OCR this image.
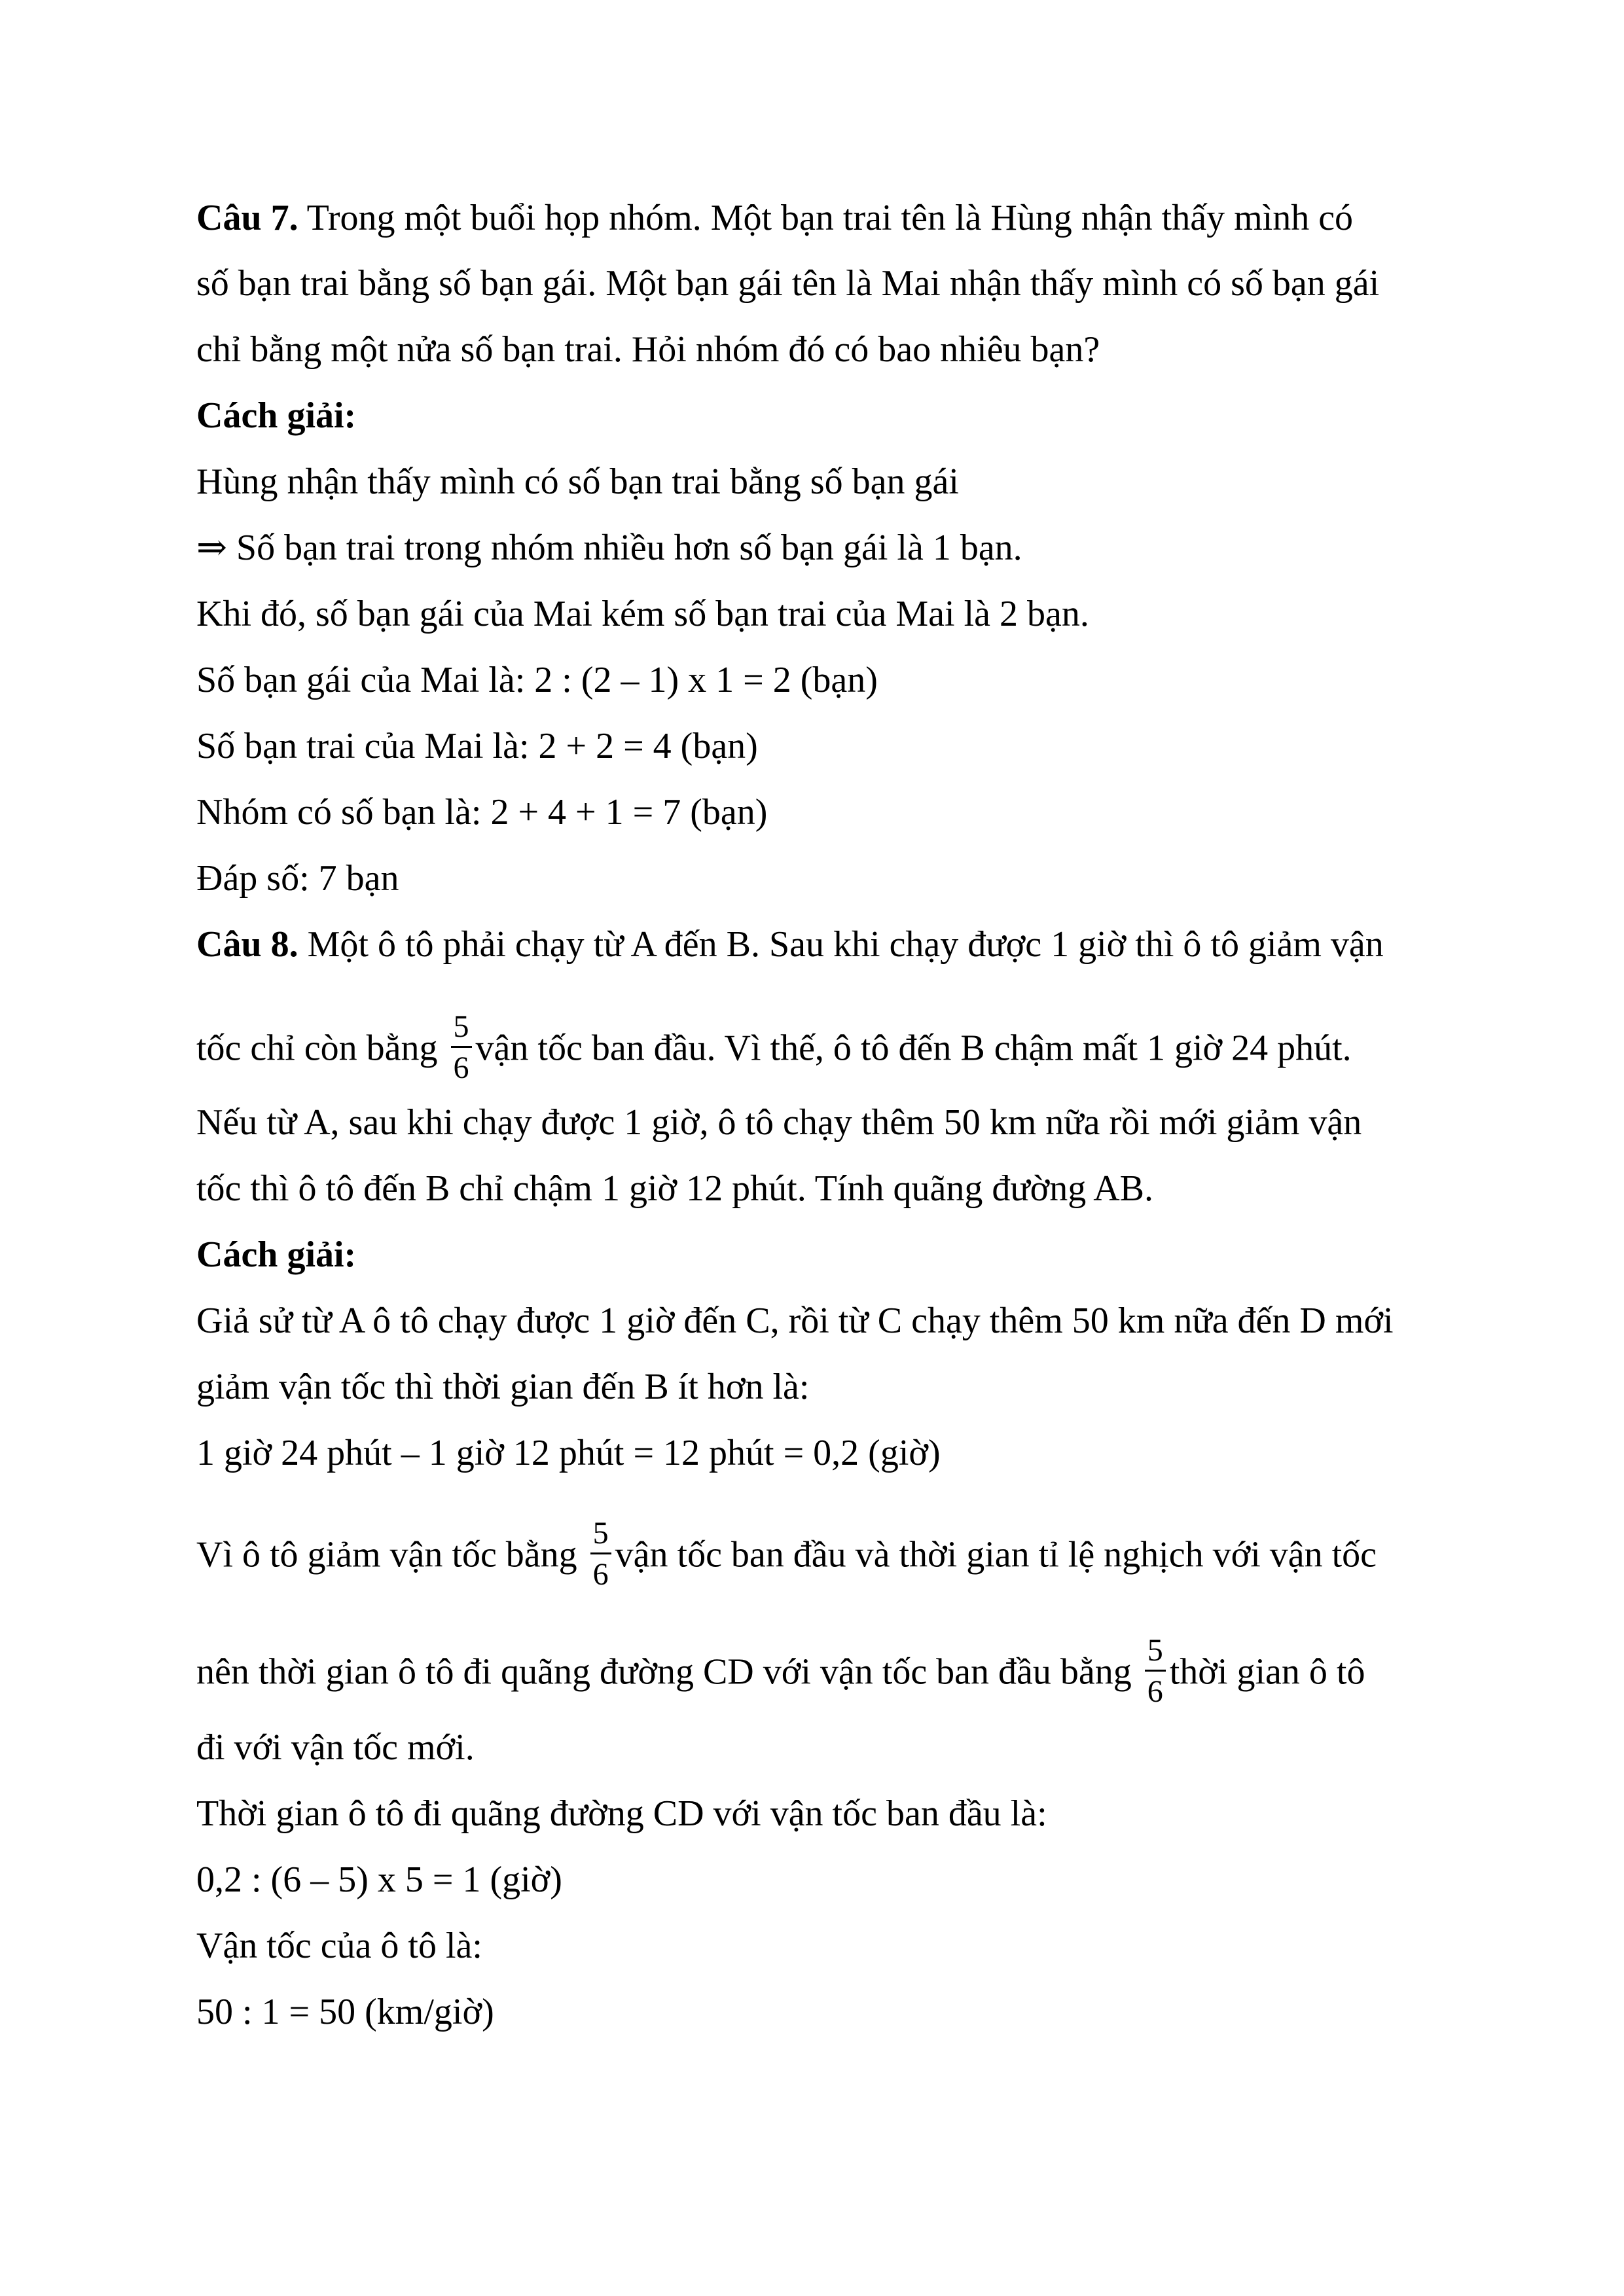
Câu 7. Trong một buổi họp nhóm. Một bạn trai tên là Hùng nhận thấy mình có
số bạn trai bằng số bạn gái. Một bạn gái tên là Mai nhận thấy mình có số bạn gái
chỉ bằng một nửa số bạn trai. Hỏi nhóm đó có bao nhiêu bạn?
Cách giải:
Hùng nhận thấy mình có số bạn trai bằng số bạn gái
⇒ Số bạn trai trong nhóm nhiều hơn số bạn gái là 1 bạn.
Khi đó, số bạn gái của Mai kém số bạn trai của Mai là 2 bạn.
Số bạn gái của Mai là: 2 : (2 – 1) x 1 = 2 (bạn)
Số bạn trai của Mai là: 2 + 2 = 4 (bạn)
Nhóm có số bạn là: 2 + 4 + 1 = 7 (bạn)
Đáp số: 7 bạn
Câu 8. Một ô tô phải chạy từ A đến B. Sau khi chạy được 1 giờ thì ô tô giảm vận
tốc chỉ còn bằng $\frac{5}{6}$ vận tốc ban đầu. Vì thế, ô tô đến B chậm mất 1 giờ 24 phút.
Nếu từ A, sau khi chạy được 1 giờ, ô tô chạy thêm 50 km nữa rồi mới giảm vận
tốc thì ô tô đến B chỉ chậm 1 giờ 12 phút. Tính quãng đường AB.
Cách giải:
Giả sử từ A ô tô chạy được 1 giờ đến C, rồi từ C chạy thêm 50 km nữa đến D mới
giảm vận tốc thì thời gian đến B ít hơn là:
1 giờ 24 phút – 1 giờ 12 phút = 12 phút = 0,2 (giờ)
Vì ô tô giảm vận tốc bằng $\frac{5}{6}$ vận tốc ban đầu và thời gian tỉ lệ nghịch với vận tốc
nên thời gian ô tô đi quãng đường CD với vận tốc ban đầu bằng $\frac{5}{6}$ thời gian ô tô
đi với vận tốc mới.
Thời gian ô tô đi quãng đường CD với vận tốc ban đầu là:
0,2 : (6 – 5) x 5 = 1 (giờ)
Vận tốc của ô tô là:
50 : 1 = 50 (km/giờ)
